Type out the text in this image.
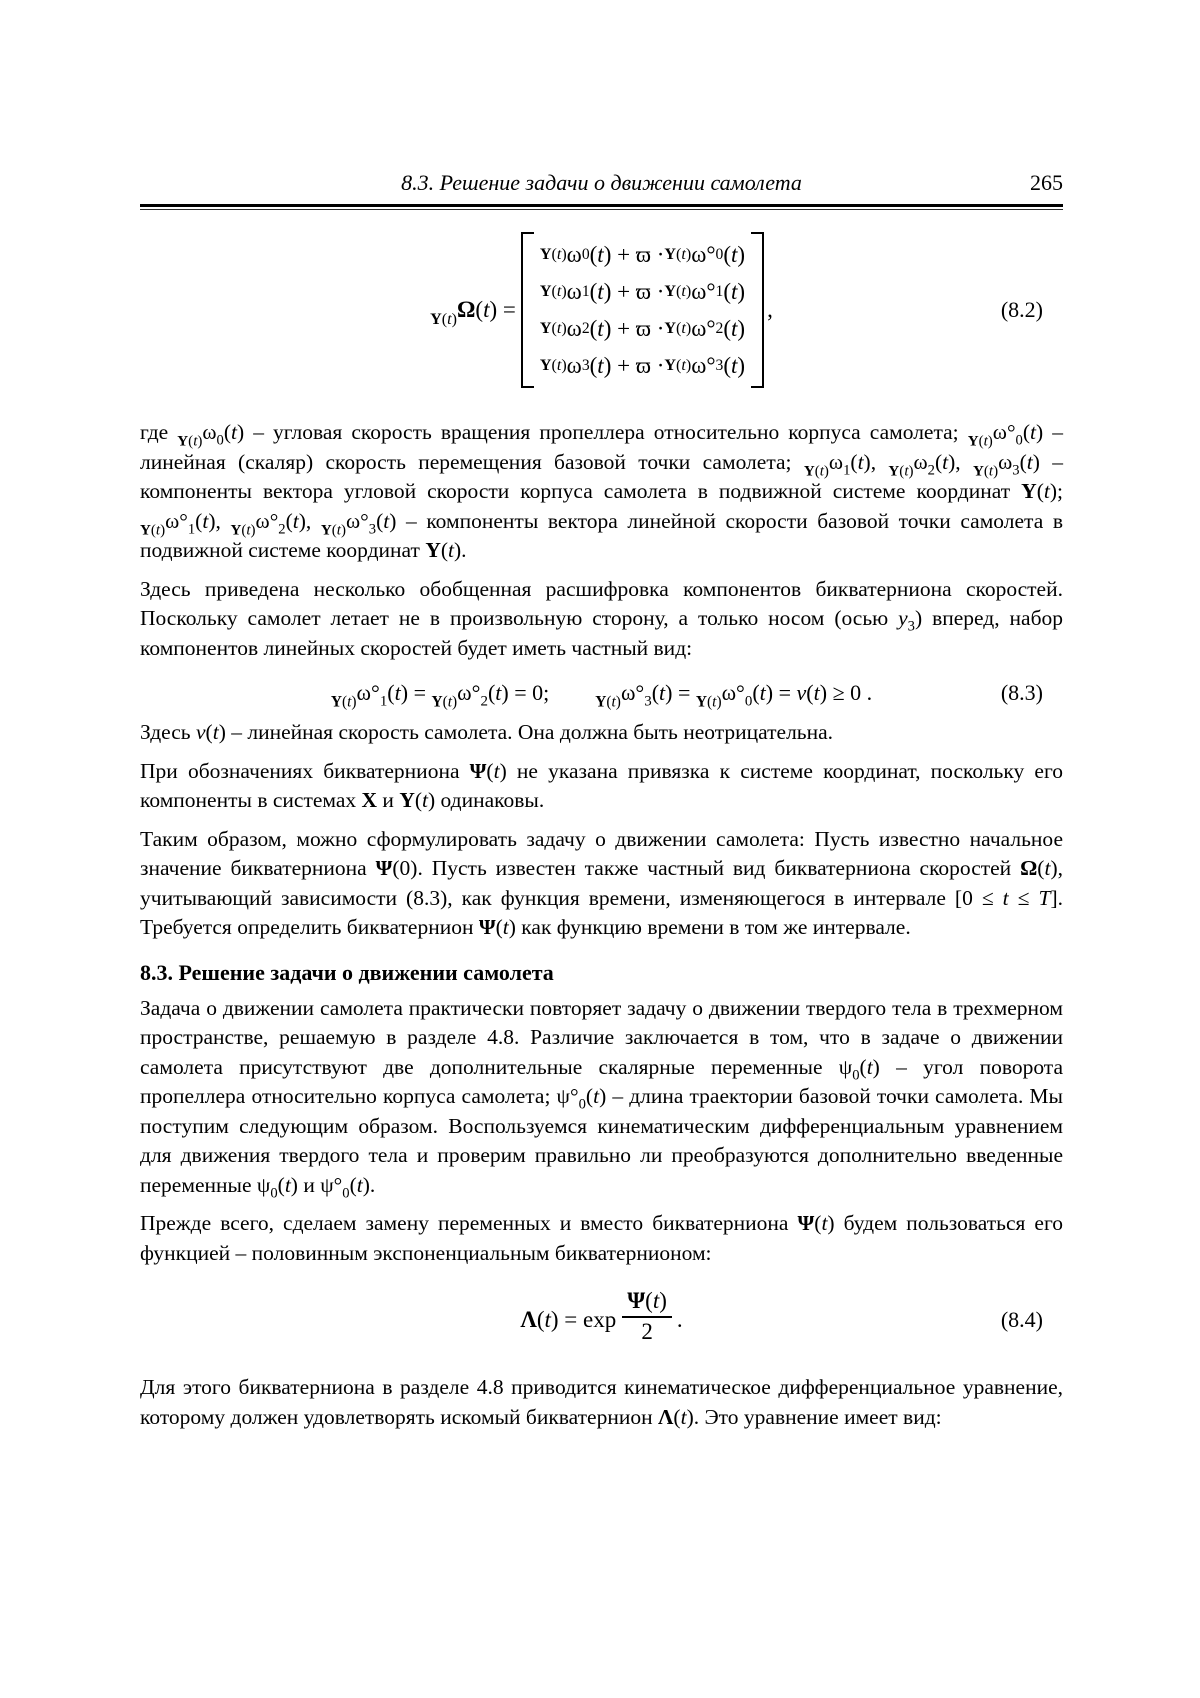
8.3. Решение задачи о движении самолета	265
$_{Y(t)}$Ω(t) =
Y(t) ω 0 ( t ) + ϖ · Y(t) ω° 0 ( t )
Y(t) ω 1 ( t ) + ϖ · Y(t) ω° 1 ( t )
Y(t) ω 2 ( t ) + ϖ · Y(t) ω° 2 ( t )
Y(t) ω 3 ( t ) + ϖ · Y(t) ω° 3 ( t )
,	(8.2)

где $_{Y(t)}\omega_0(t)$ – угловая скорость вращения пропеллера относительно корпуса самолета; $_{Y(t)}\omega^\circ_0(t)$ – линейная (скаляр) скорость перемещения базовой точки самолета; $_{Y(t)}\omega_1(t)$, $_{Y(t)}\omega_2(t)$, $_{Y(t)}\omega_3(t)$ – компоненты вектора угловой скорости корпуса самолета в подвижной системе координат Y(t); $_{Y(t)}\omega^\circ_1(t)$, $_{Y(t)}\omega^\circ_2(t)$, $_{Y(t)}\omega^\circ_3(t)$ – компоненты вектора линейной скорости базовой точки самолета в подвижной системе координат Y(t).

Здесь приведена несколько обобщенная расшифровка компонентов бикватерниона скоростей. Поскольку самолет летает не в произвольную сторону, а только носом (осью $y_3$) вперед, набор компонентов линейных скоростей будет иметь частный вид:

$_{Y(t)}\omega^\circ_1(t) = _{Y(t)}\omega^\circ_2(t) = 0$;	$_{Y(t)}\omega^\circ_3(t) = _{Y(t)}\omega^\circ_0(t) = v(t) \ge 0$ .	(8.3)

Здесь v(t) – линейная скорость самолета. Она должна быть неотрицательна.

При обозначениях бикватерниона Ψ(t) не указана привязка к системе координат, поскольку его компоненты в системах X и Y(t) одинаковы.

Таким образом, можно сформулировать задачу о движении самолета: Пусть известно начальное значение бикватерниона Ψ(0). Пусть известен также частный вид бикватерниона скоростей Ω(t), учитывающий зависимости (8.3), как функция времени, изменяющегося в интервале [0 ≤ t ≤ T]. Требуется определить бикватернион Ψ(t) как функцию времени в том же интервале.

8.3. Решение задачи о движении самолета

Задача о движении самолета практически повторяет задачу о движении твердого тела в трехмерном пространстве, решаемую в разделе 4.8. Различие заключается в том, что в задаче о движении самолета присутствуют две дополнительные скалярные переменные $\psi_0(t)$ – угол поворота пропеллера относительно корпуса самолета; $\psi^\circ_0(t)$ – длина траектории базовой точки самолета. Мы поступим следующим образом. Воспользуемся кинематическим дифференциальным уравнением для движения твердого тела и проверим правильно ли преобразуются дополнительно введенные переменные $\psi_0(t)$ и $\psi^\circ_0(t)$.

Прежде всего, сделаем замену переменных и вместо бикватерниона Ψ(t) будем пользоваться его функцией – половинным экспоненциальным бикватернионом:

$\Lambda(t) = \exp \frac{\Psi(t)}{2}$ .	(8.4)

Для этого бикватерниона в разделе 4.8 приводится кинематическое дифференциальное уравнение, которому должен удовлетворять искомый бикватернион Λ(t). Это уравнение имеет вид:
